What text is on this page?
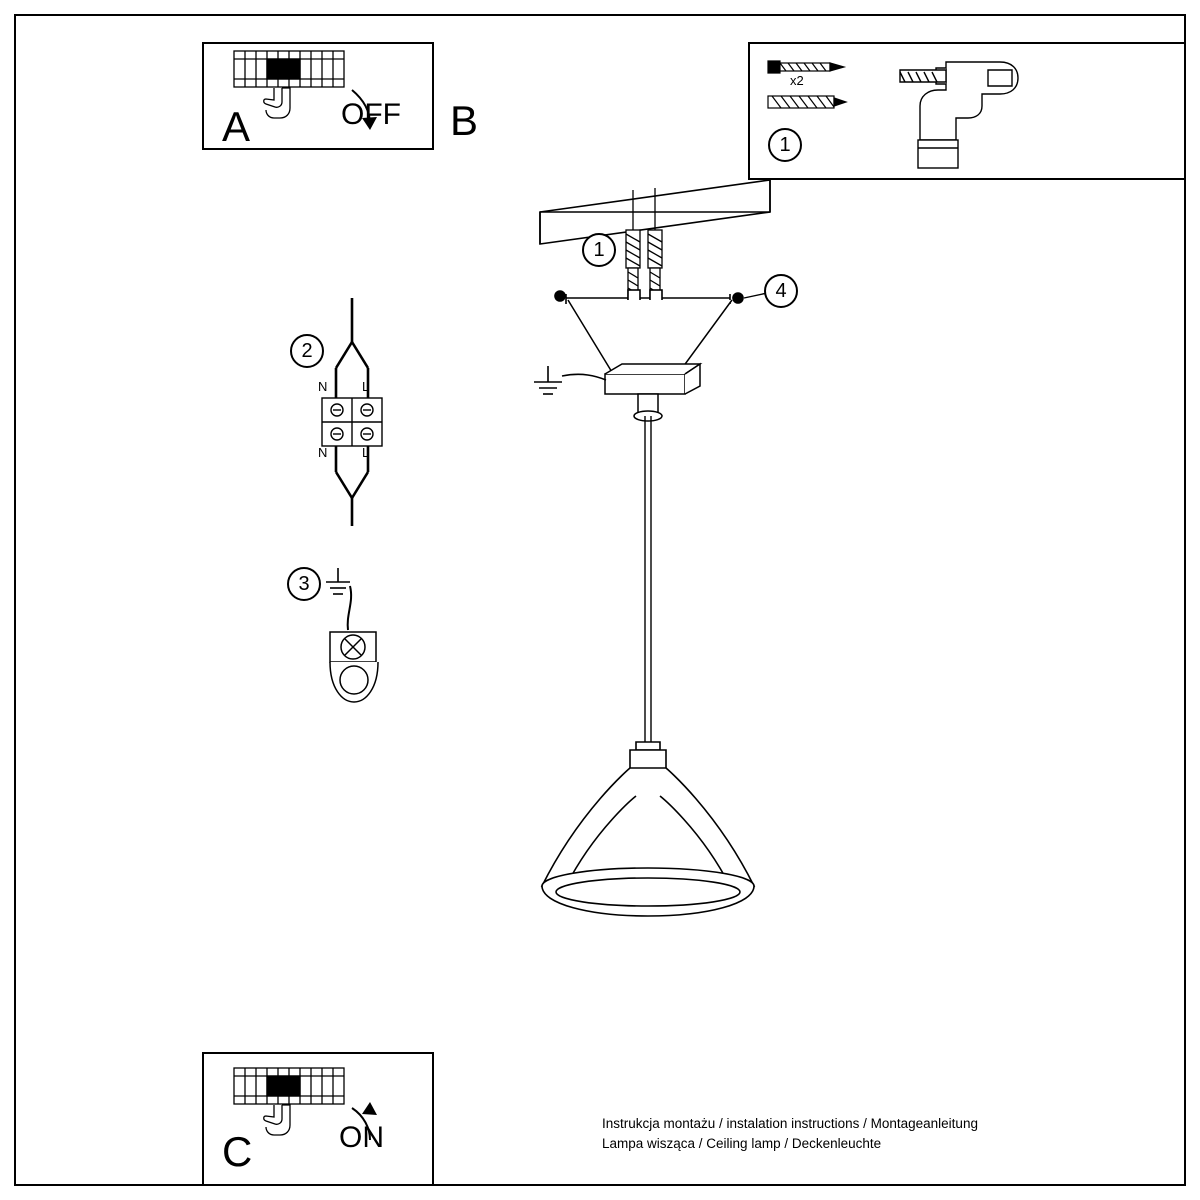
A	OFF B
x2
1
1
4
2
N	L
N	L
3
C	ON	Instrukcja montażu / instalation instructions / Montageanleitung
Lampa wisząca / Ceiling lamp / Deckenleuchte
